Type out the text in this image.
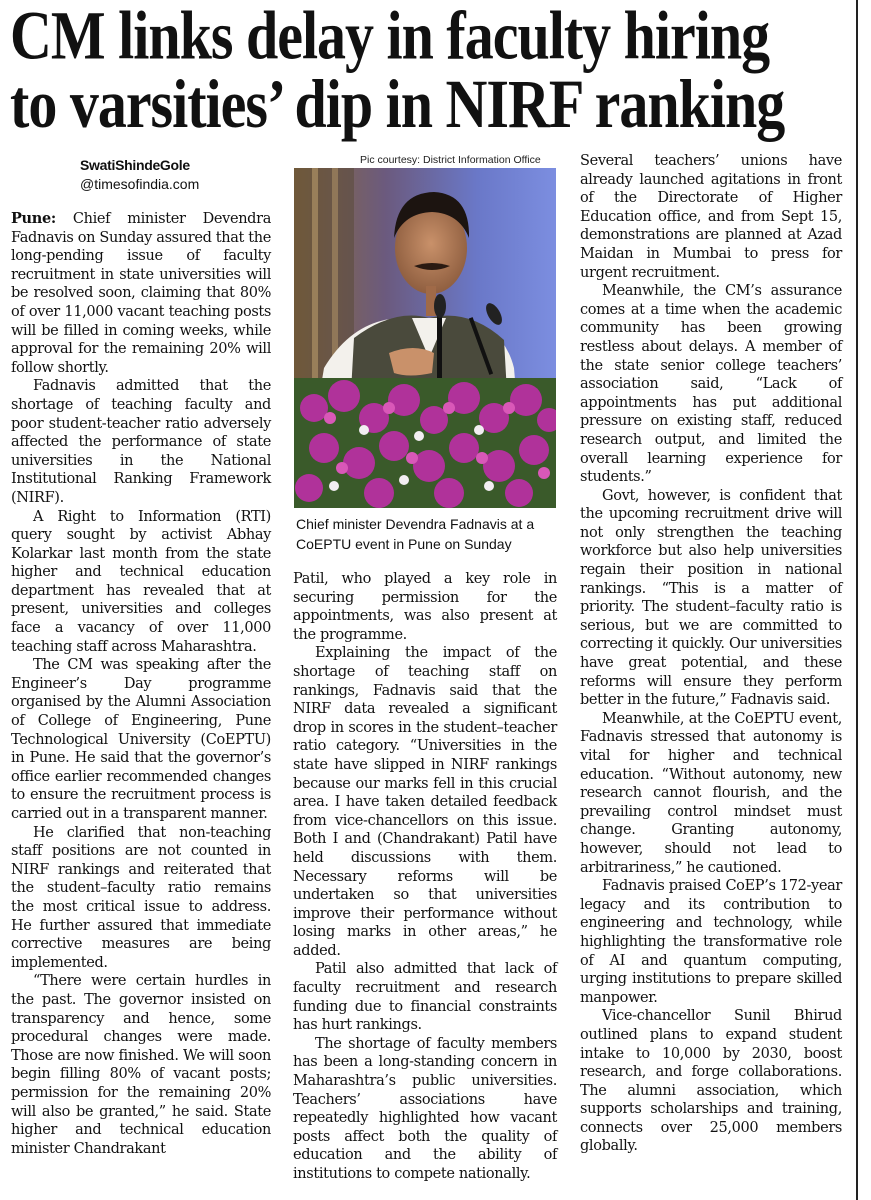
CM links delay in faculty hiring
to varsities’ dip in NIRF ranking
SwatiShindeGole
@timesofindia.com
Pic courtesy: District Information Office
Chief minister Devendra Fadnavis at a
CoEPTU event in Pune on Sunday

Pune: Chief minister Devendra Fadnavis on Sunday assured that the long-pending issue of faculty recruitment in state universities will be resolved soon, claiming that 80% of over 11,000 vacant teaching posts will be filled in coming weeks, while approval for the remaining 20% will follow shortly.

Fadnavis admitted that the shortage of teaching faculty and poor student-teacher ratio adversely affected the performance of state universities in the National Institutional Ranking Framework (NIRF).

A Right to Information (RTI) query sought by activist Abhay Kolarkar last month from the state higher and technical education department has revealed that at present, universities and colleges face a vacancy of over 11,000 teaching staff across Maharashtra.

The CM was speaking after the Engineer’s Day programme organised by the Alumni Association of College of Engineering, Pune Technological University (CoEPTU) in Pune. He said that the governor’s office earlier recommended changes to ensure the recruitment process is carried out in a transparent manner.

He clarified that non-teaching staff positions are not counted in NIRF rankings and reiterated that the student–faculty ratio remains the most critical issue to address. He further assured that immediate corrective measures are being implemented.

“There were certain hurdles in the past. The governor insisted on transparency and hence, some procedural changes were made. Those are now finished. We will soon begin filling 80% of vacant posts; permission for the remaining 20% will also be granted,” he said. State higher and technical education minister Chandrakant

Patil, who played a key role in securing permission for the appointments, was also present at the programme.

Explaining the impact of the shortage of teaching staff on rankings, Fadnavis said that the NIRF data revealed a significant drop in scores in the student–teacher ratio category. “Universities in the state have slipped in NIRF rankings because our marks fell in this crucial area. I have taken detailed feedback from vice-chancellors on this issue. Both I and (Chandrakant) Patil have held discussions with them. Necessary reforms will be undertaken so that universities improve their performance without losing marks in other areas,” he added.

Patil also admitted that lack of faculty recruitment and research funding due to financial constraints has hurt rankings.

The shortage of faculty members has been a long-standing concern in Maharashtra’s public universities. Teachers’ associations have repeatedly highlighted how vacant posts affect both the quality of education and the ability of institutions to compete nationally.

Several teachers’ unions have already launched agitations in front of the Directorate of Higher Education office, and from Sept 15, demonstrations are planned at Azad Maidan in Mumbai to press for urgent recruitment.

Meanwhile, the CM’s assurance comes at a time when the academic community has been growing restless about delays. A member of the state senior college teachers’ association said, “Lack of appointments has put additional pressure on existing staff, reduced research output, and limited the overall learning experience for students.”

Govt, however, is confident that the upcoming recruitment drive will not only strengthen the teaching workforce but also help universities regain their position in national rankings. “This is a matter of priority. The student–faculty ratio is serious, but we are committed to correcting it quickly. Our universities have great potential, and these reforms will ensure they perform better in the future,” Fadnavis said.

Meanwhile, at the CoEPTU event, Fadnavis stressed that autonomy is vital for higher and technical education. “Without autonomy, new research cannot flourish, and the prevailing control mindset must change. Granting autonomy, however, should not lead to arbitrariness,” he cautioned.

Fadnavis praised CoEP’s 172-year legacy and its contribution to engineering and technology, while highlighting the transformative role of AI and quantum computing, urging institutions to prepare skilled manpower.

Vice-chancellor Sunil Bhirud outlined plans to expand student intake to 10,000 by 2030, boost research, and forge collaborations. The alumni association, which supports scholarships and training, connects over 25,000 members globally.
